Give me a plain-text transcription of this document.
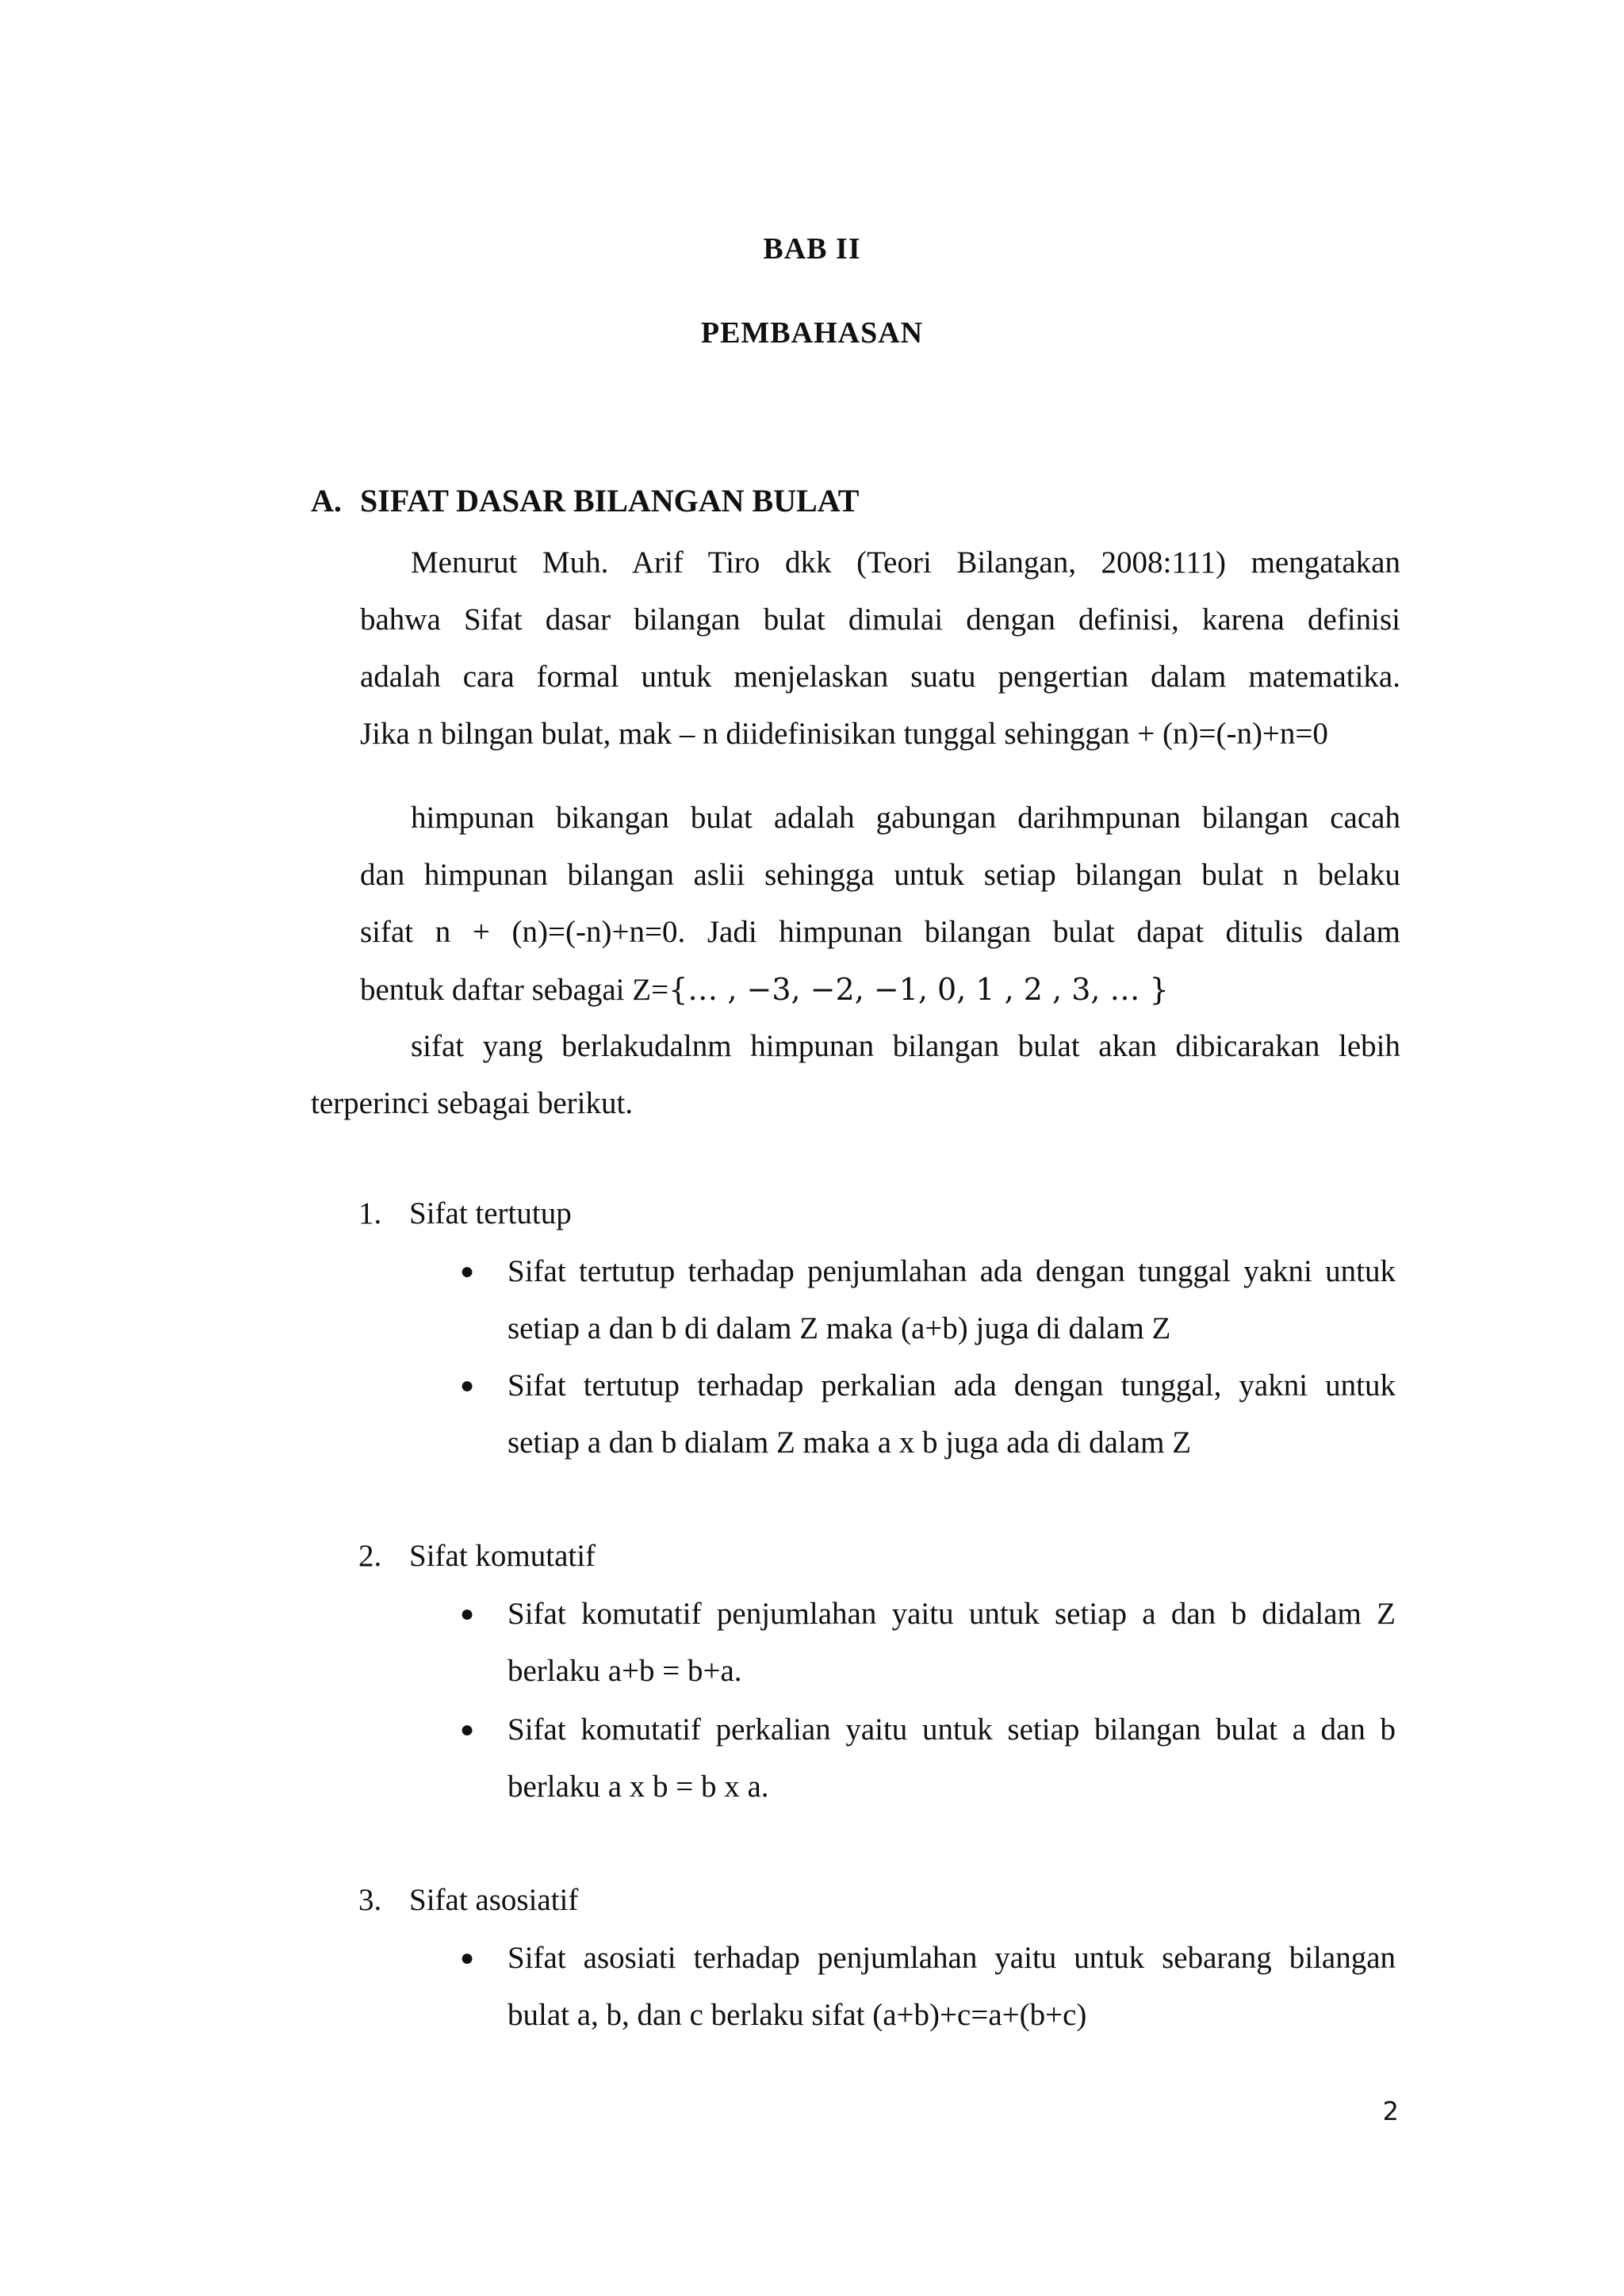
BAB II
PEMBAHASAN
A. SIFAT DASAR BILANGAN BULAT
Menurut Muh. Arif Tiro dkk (Teori Bilangan, 2008:111) mengatakan
bahwa Sifat dasar bilangan bulat dimulai dengan definisi, karena definisi
adalah cara formal untuk menjelaskan suatu pengertian dalam matematika.
Jika n bilngan bulat, mak – n diidefinisikan tunggal sehinggan + (n)=(-n)+n=0
himpunan bikangan bulat adalah gabungan darihmpunan bilangan cacah
dan himpunan bilangan aslii sehingga untuk setiap bilangan bulat n belaku
sifat n + (n)=(-n)+n=0. Jadi himpunan bilangan bulat dapat ditulis dalam
bentuk daftar sebagai Z={… , −3, −2, −1, 0, 1 , 2 , 3, … }
sifat yang berlakudalnm himpunan bilangan bulat akan dibicarakan lebih
terperinci sebagai berikut.
1. Sifat tertutup
● Sifat tertutup terhadap penjumlahan ada dengan tunggal yakni untuk setiap a dan b di dalam Z maka (a+b) juga di dalam Z
● Sifat tertutup terhadap perkalian ada dengan tunggal, yakni untuk setiap a dan b dialam Z maka a x b juga ada di dalam Z
2. Sifat komutatif
● Sifat komutatif penjumlahan yaitu untuk setiap a dan b didalam Z berlaku a+b = b+a.
● Sifat komutatif perkalian yaitu untuk setiap bilangan bulat a dan b berlaku a x b = b x a.
3. Sifat asosiatif
● Sifat asosiati terhadap penjumlahan yaitu untuk sebarang bilangan bulat a, b, dan c berlaku sifat (a+b)+c=a+(b+c)
2
